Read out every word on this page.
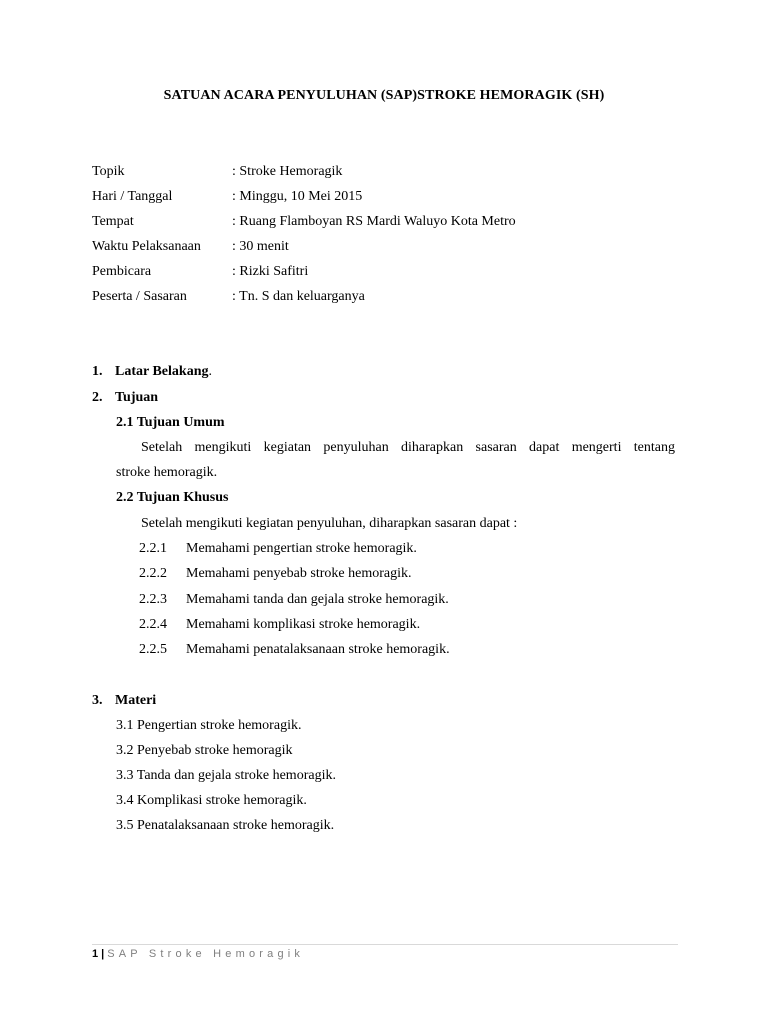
SATUAN ACARA PENYULUHAN (SAP)STROKE HEMORAGIK (SH)
Topik	: Stroke Hemoragik
Hari / Tanggal	: Minggu, 10 Mei 2015
Tempat	: Ruang Flamboyan RS Mardi Waluyo Kota Metro
Waktu Pelaksanaan : 30 menit
Pembicara	: Rizki Safitri
Peserta / Sasaran	: Tn. S dan keluarganya
1. Latar Belakang.
2. Tujuan
2.1 Tujuan Umum
Setelah mengikuti kegiatan penyuluhan diharapkan sasaran dapat mengerti tentang
stroke hemoragik.
2.2 Tujuan Khusus
Setelah mengikuti kegiatan penyuluhan, diharapkan sasaran dapat :
2.2.1 Memahami pengertian stroke hemoragik.
2.2.2 Memahami penyebab stroke hemoragik.
2.2.3 Memahami tanda dan gejala stroke hemoragik.
2.2.4 Memahami komplikasi stroke hemoragik.
2.2.5 Memahami penatalaksanaan stroke hemoragik.
3. Materi
3.1 Pengertian stroke hemoragik.
3.2 Penyebab stroke hemoragik
3.3 Tanda dan gejala stroke hemoragik.
3.4 Komplikasi stroke hemoragik.
3.5 Penatalaksanaan stroke hemoragik.
1 | SAP Stroke Hemoragik
